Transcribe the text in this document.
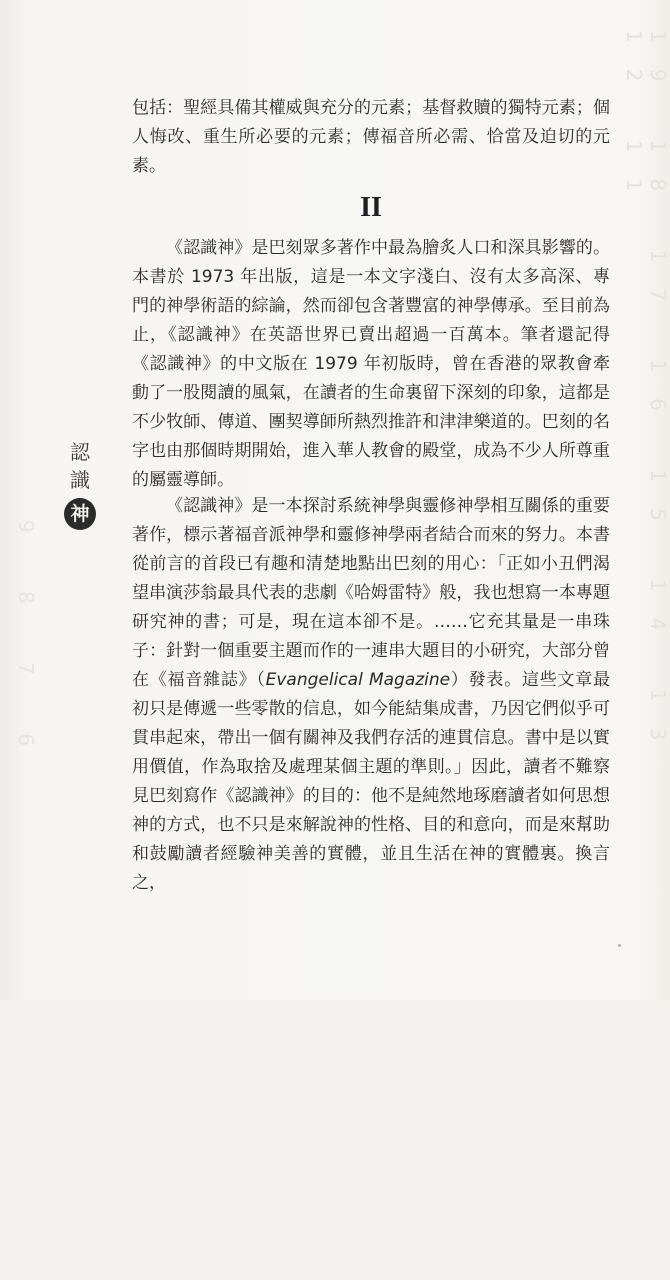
19 18 17 16 15 14 13 12 11
9 8 7 6
認
識
神

包括：聖經具備其權威與充分的元素；基督救贖的獨特元素；個人悔改、重生所必要的元素；傳福音所必需、恰當及迫切的元素。

II

《認識神》是巴刻眾多著作中最為膾炙人口和深具影響的。本書於 1973 年出版，這是一本文字淺白、沒有太多高深、專門的神學術語的綜論，然而卻包含著豐富的神學傳承。至目前為止，《認識神》在英語世界已賣出超過一百萬本。筆者還記得《認識神》的中文版在 1979 年初版時，曾在香港的眾教會牽動了一股閱讀的風氣，在讀者的生命裏留下深刻的印象，這都是不少牧師、傳道、團契導師所熱烈推許和津津樂道的。巴刻的名字也由那個時期開始，進入華人教會的殿堂，成為不少人所尊重的屬靈導師。

《認識神》是一本探討系統神學與靈修神學相互關係的重要著作，標示著福音派神學和靈修神學兩者結合而來的努力。本書從前言的首段已有趣和清楚地點出巴刻的用心：「正如小丑們渴望串演莎翁最具代表的悲劇《哈姆雷特》般，我也想寫一本專題研究神的書；可是，現在這本卻不是。……它充其量是一串珠子：針對一個重要主題而作的一連串大題目的小研究，大部分曾在《福音雜誌》（Evangelical Magazine）發表。這些文章最初只是傳遞一些零散的信息，如今能結集成書，乃因它們似乎可貫串起來，帶出一個有關神及我們存活的連貫信息。書中是以實用價值，作為取捨及處理某個主題的準則。」因此，讀者不難察見巴刻寫作《認識神》的目的：他不是純然地琢磨讀者如何思想神的方式，也不只是來解說神的性格、目的和意向，而是來幫助和鼓勵讀者經驗神美善的實體，並且生活在神的實體裏。換言之，
